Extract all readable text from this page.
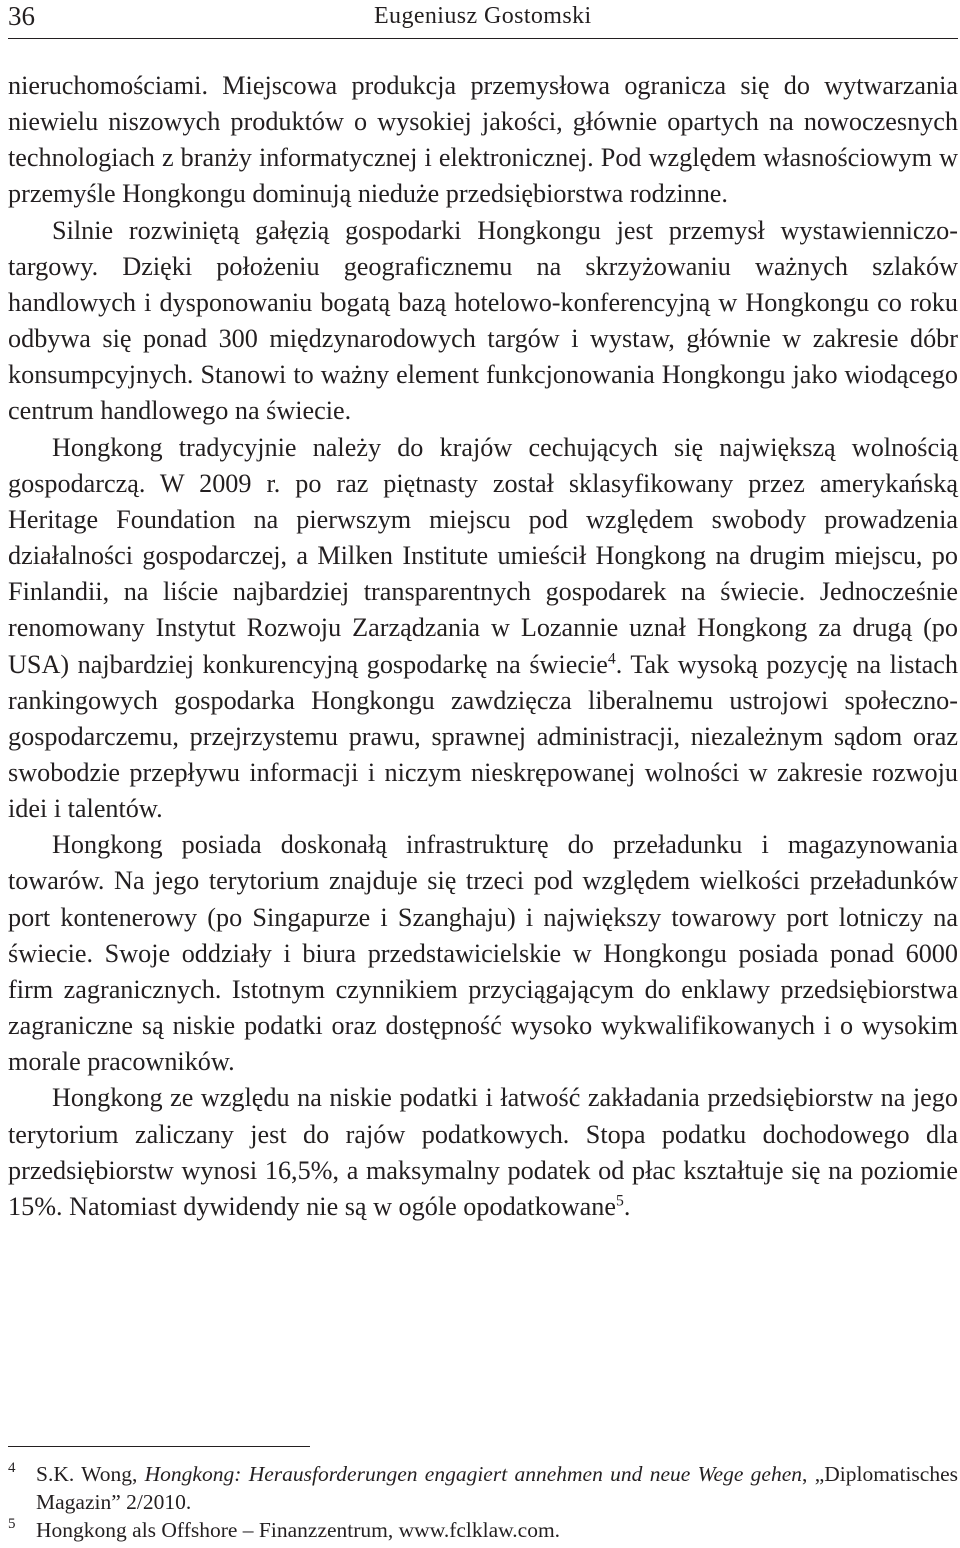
36	Eugeniusz Gostomski

nieruchomościami. Miejscowa produkcja przemysłowa ogranicza się do wytwarzania niewielu niszowych produktów o wysokiej jakości, głównie opartych na nowoczesnych technologiach z branży informatycznej i elektronicznej. Pod względem własnościowym w przemyśle Hongkongu dominują nieduże przedsiębiorstwa rodzinne.

Silnie rozwiniętą gałęzią gospodarki Hongkongu jest przemysł wystawienniczo-targowy. Dzięki położeniu geograficznemu na skrzyżowaniu ważnych szlaków handlowych i dysponowaniu bogatą bazą hotelowo-konferencyjną w Hongkongu co roku odbywa się ponad 300 międzynarodowych targów i wystaw, głównie w zakresie dóbr konsumpcyjnych. Stanowi to ważny element funkcjonowania Hongkongu jako wiodącego centrum handlowego na świecie.

Hongkong tradycyjnie należy do krajów cechujących się największą wolnością gospodarczą. W 2009 r. po raz piętnasty został sklasyfikowany przez amerykańską Heritage Foundation na pierwszym miejscu pod względem swobody prowadzenia działalności gospodarczej, a Milken Institute umieścił Hongkong na drugim miejscu, po Finlandii, na liście najbardziej transparentnych gospodarek na świecie. Jednocześnie renomowany Instytut Rozwoju Zarządzania w Lozannie uznał Hongkong za drugą (po USA) najbardziej konkurencyjną gospodarkę na świecie$^4$. Tak wysoką pozycję na listach rankingowych gospodarka Hongkongu zawdzięcza liberalnemu ustrojowi społeczno-gospodarczemu, przejrzystemu prawu, sprawnej administracji, niezależnym sądom oraz swobodzie przepływu informacji i niczym nieskrępowanej wolności w zakresie rozwoju idei i talentów.

Hongkong posiada doskonałą infrastrukturę do przeładunku i magazynowania towarów. Na jego terytorium znajduje się trzeci pod względem wielkości przeładunków port kontenerowy (po Singapurze i Szanghaju) i największy towarowy port lotniczy na świecie. Swoje oddziały i biura przedstawicielskie w Hongkongu posiada ponad 6000 firm zagranicznych. Istotnym czynnikiem przyciągającym do enklawy przedsiębiorstwa zagraniczne są niskie podatki oraz dostępność wysoko wykwalifikowanych i o wysokim morale pracowników.

Hongkong ze względu na niskie podatki i łatwość zakładania przedsiębiorstw na jego terytorium zaliczany jest do rajów podatkowych. Stopa podatku dochodowego dla przedsiębiorstw wynosi 16,5%, a maksymalny podatek od płac kształtuje się na poziomie 15%. Natomiast dywidendy nie są w ogóle opodatkowane$^5$.

4 S.K. Wong, Hongkong: Herausforderungen engagiert annehmen und neue Wege gehen, „Diplomatisches Magazin” 2/2010.
5 Hongkong als Offshore – Finanzzentrum, www.fclklaw.com.
